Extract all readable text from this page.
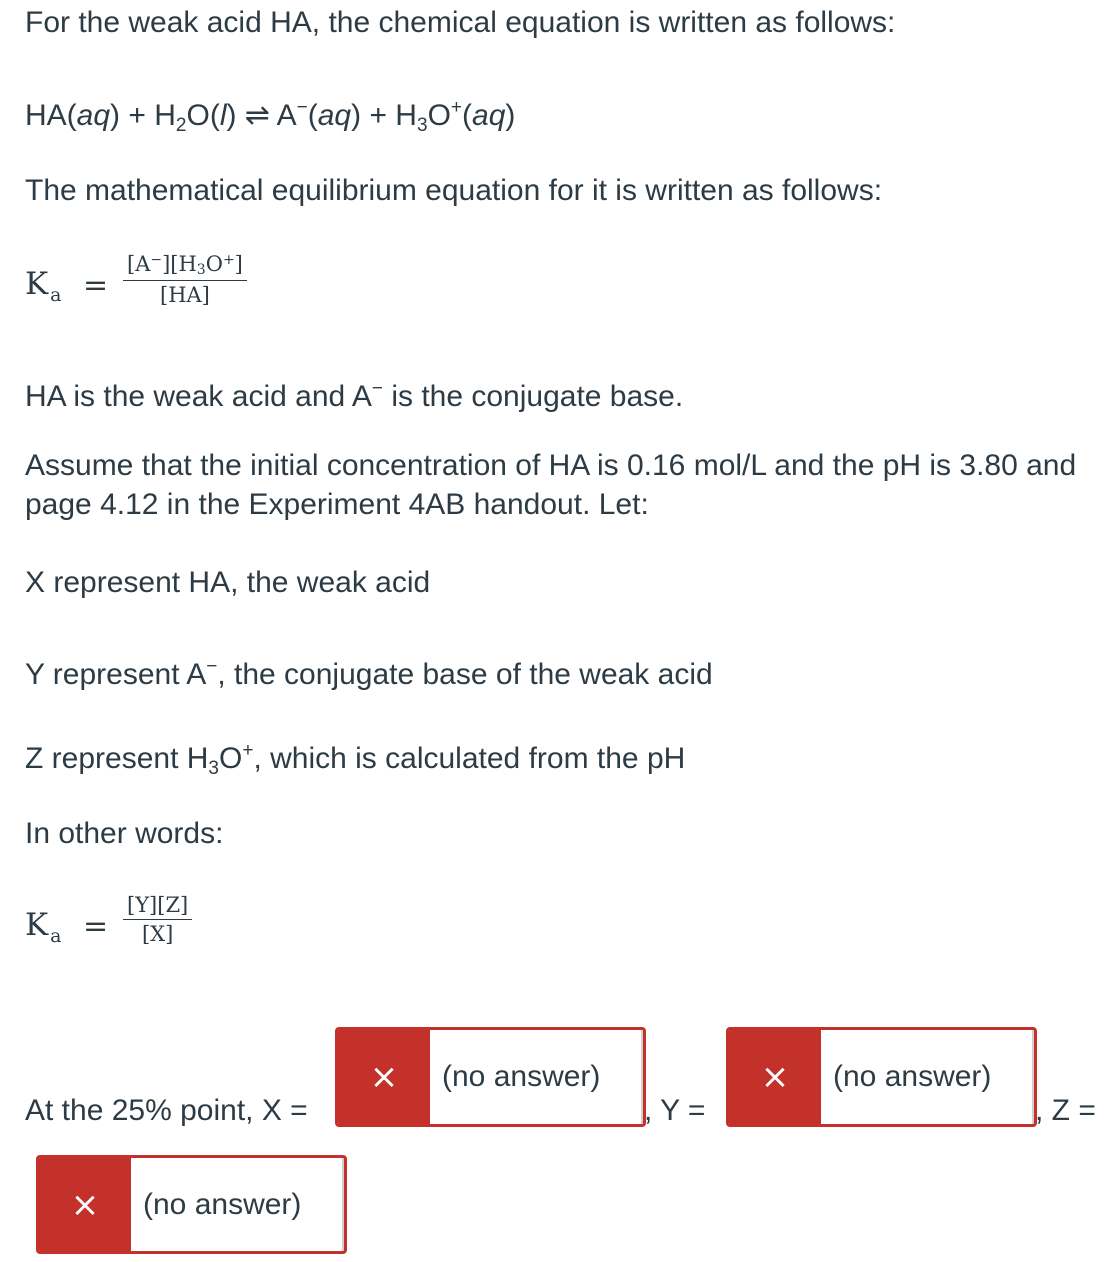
For the weak acid HA, the chemical equation is written as follows:
$HA(aq) + H_2O(l)$ ⇌ $A^-(aq) + H_3O^+(aq)$
The mathematical equilibrium equation for it is written as follows:
K $_a = \frac{[A^-][H3O^+]}{[HA]}$
HA is the weak acid and A− is the conjugate base.
Assume that the initial concentration of HA is 0.16 mol/L and the pH is 3.80 and
page 4.12 in the Experiment 4AB handout. Let:
X represent HA, the weak acid
Y represent A−, the conjugate base of the weak acid
Z represent $H_3O^+$, which is calculated from the pH
In other words:
K $_a = \frac{[Y][Z]}{[X]}$
At the 25% point, X =
×	(no answer)
, Y =
×	(no answer)
, Z =
×	(no answer)
